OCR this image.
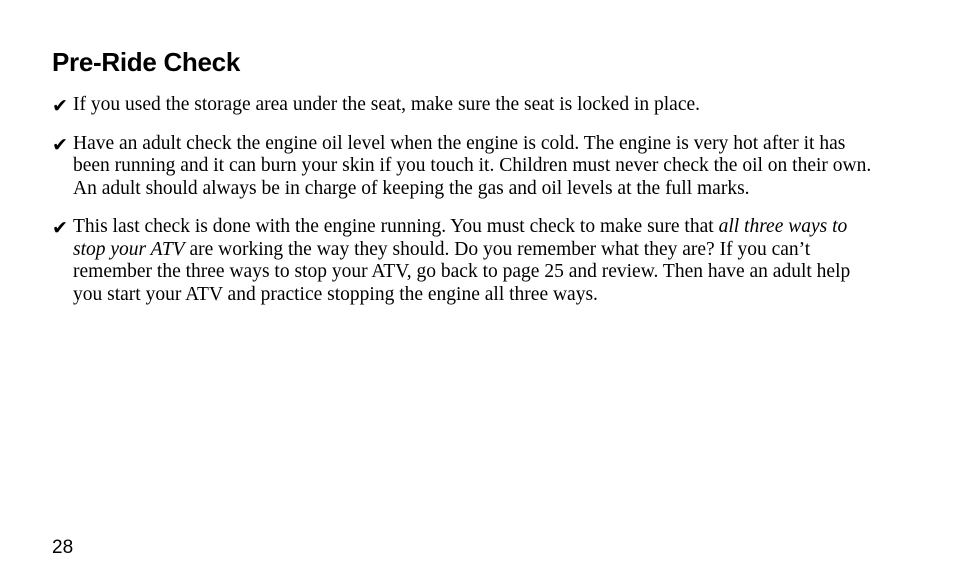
Pre-Ride Check
✔ If you used the storage area under the seat, make sure the seat is locked in place.
✔ Have an adult check the engine oil level when the engine is cold. The engine is very hot after it has been running and it can burn your skin if you touch it. Children must never check the oil on their own. An adult should always be in charge of keeping the gas and oil levels at the full marks.
✔ This last check is done with the engine running. You must check to make sure that all three ways to stop your ATV are working the way they should. Do you remember what they are? If you can’t remember the three ways to stop your ATV, go back to page 25 and review. Then have an adult help you start your ATV and practice stopping the engine all three ways.
28
